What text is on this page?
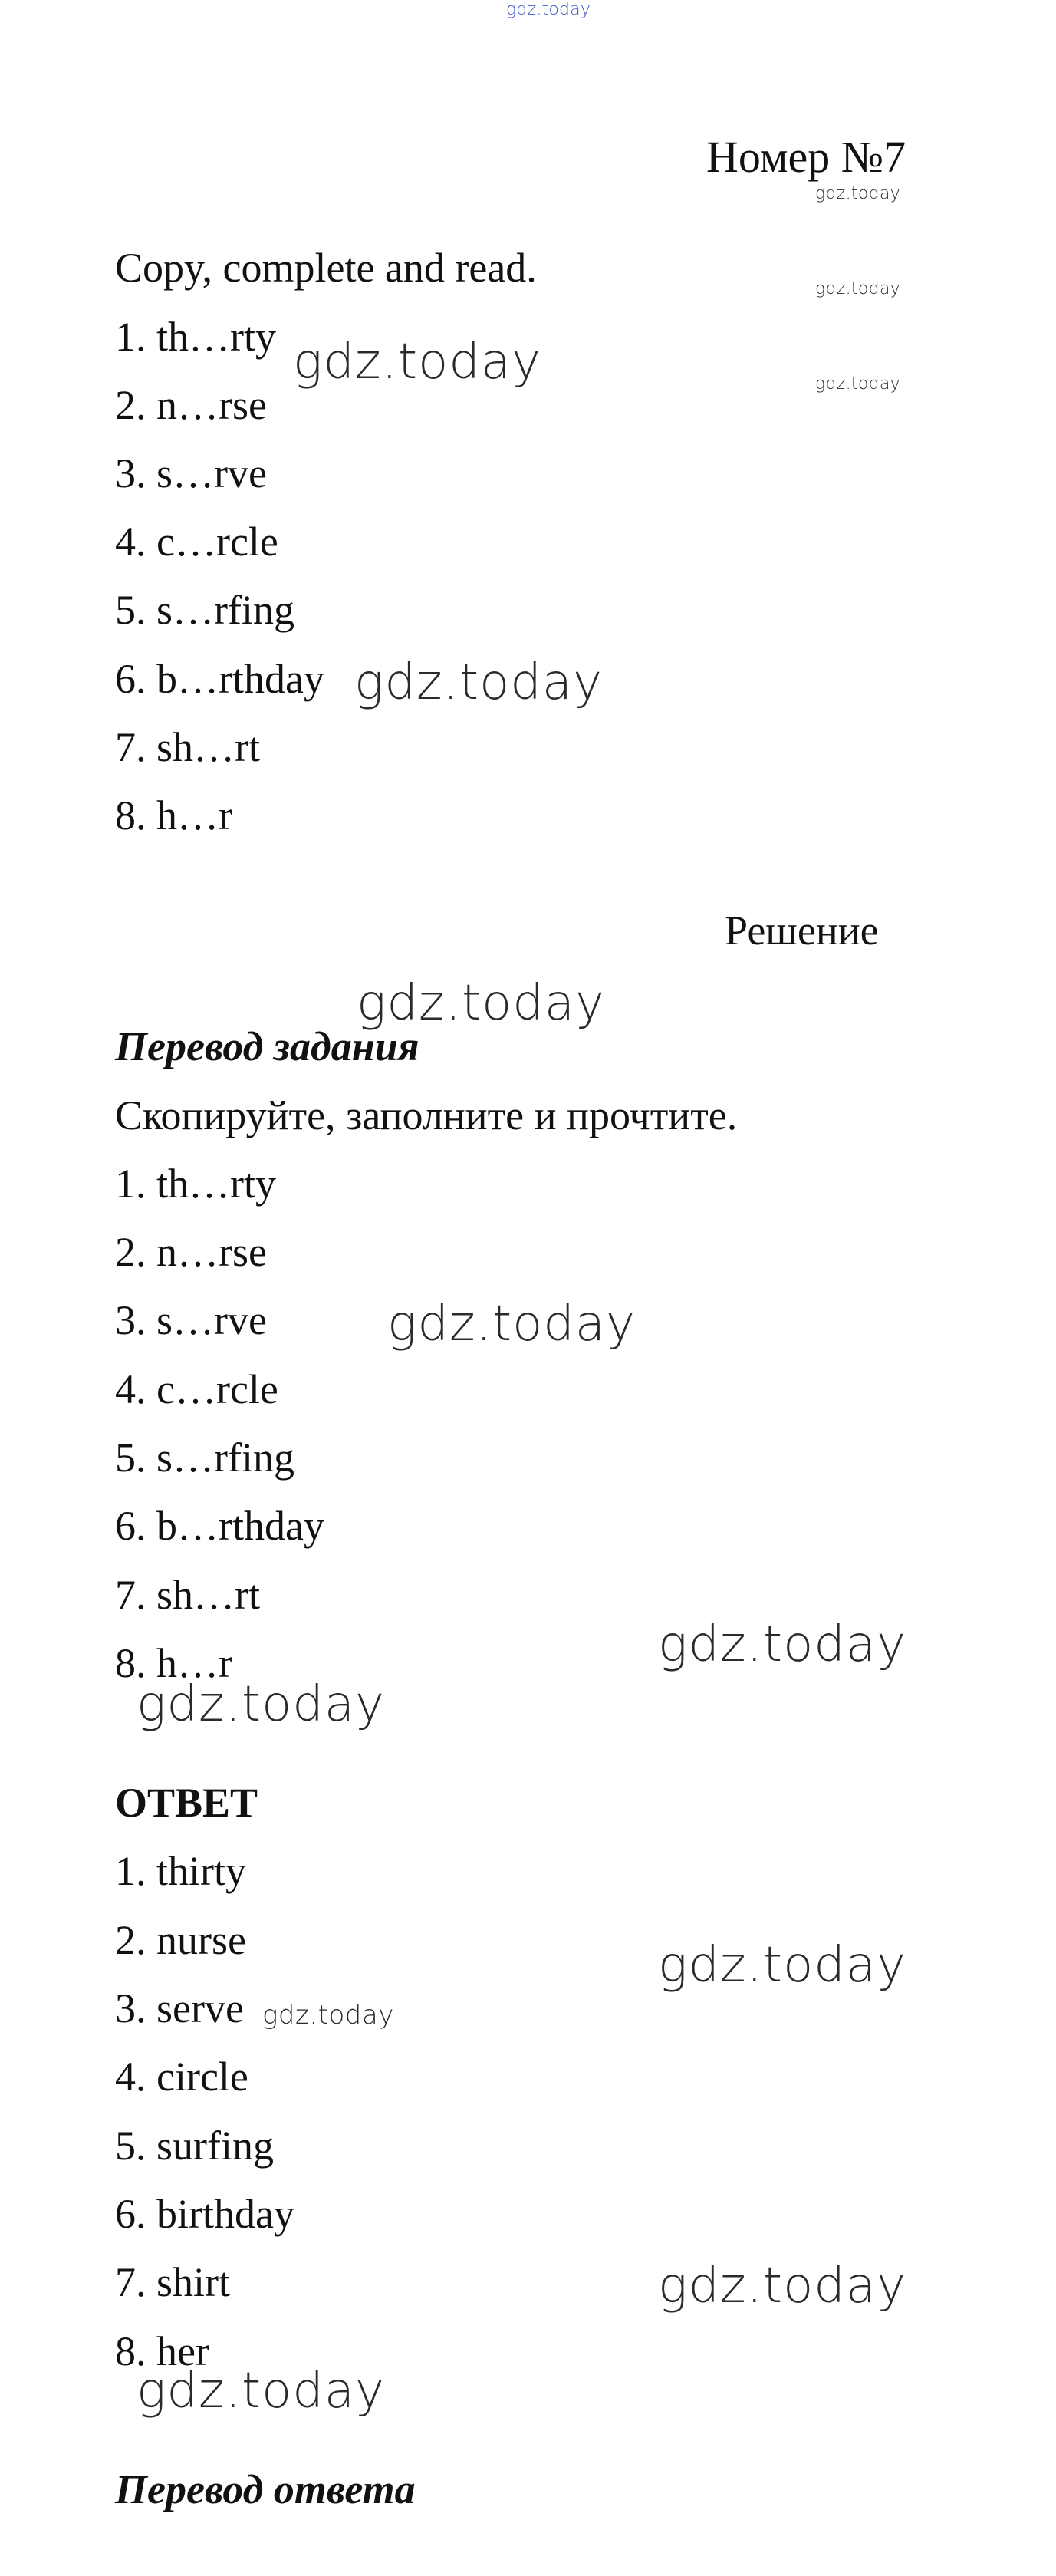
gdz.today
Номер №7
gdz.today
Copy, complete and read.	gdz.today
gdz.today
1. th…rty
2. n…rse
3. s…rve
4. c…rcle
5. s…rfing
6. b…rthday
7. sh…rt
8. h…r
gdz.today
gdz.today
Решение
gdz.today
Перевод задания
Скопируйте, заполните и прочтите.
1. th…rty
2. n…rse
3. s…rve
4. c…rcle
5. s…rfing
6. b…rthday
7. sh…rt
8. h…r
gdz.today
gdz.today
gdz.today
ОТВЕТ
1. thirty
2. nurse
3. serve gdz.today
4. circle
5. surfing
6. birthday
7. shirt
8. her
gdz.today
gdz.today
gdz.today
Перевод ответа
